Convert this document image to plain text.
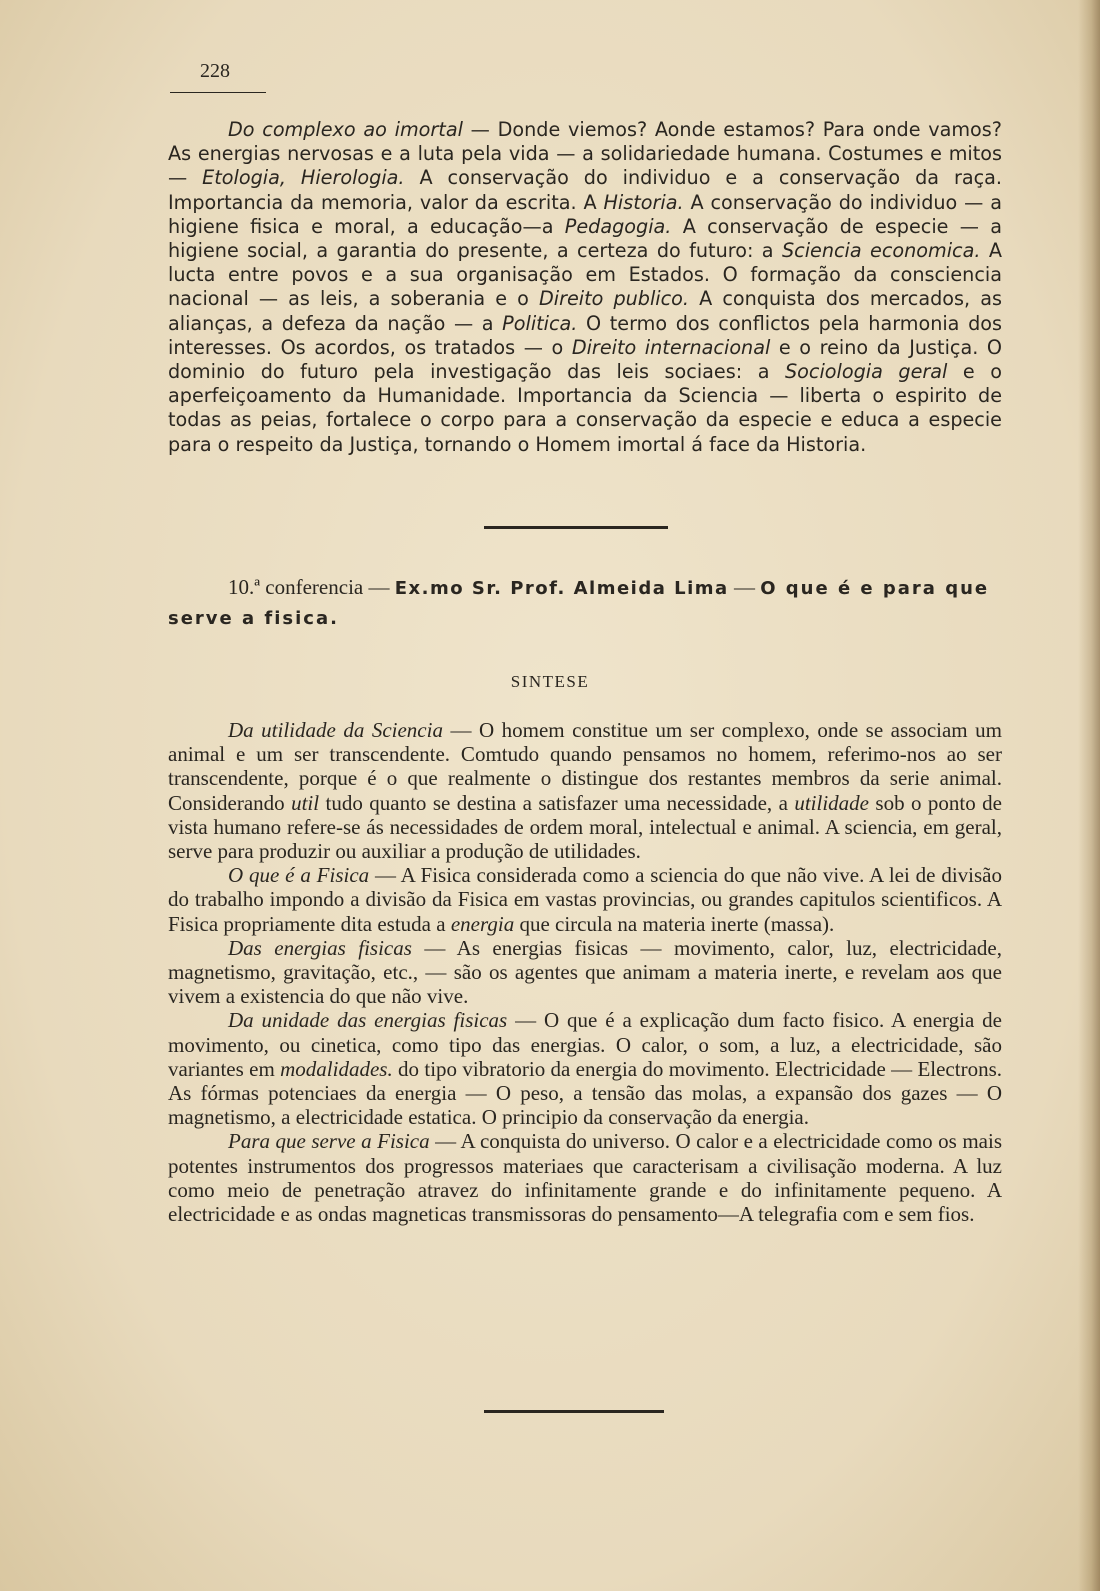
228

Do complexo ao imortal — Donde viemos? Aonde estamos? Para onde vamos? As energias nervosas e a luta pela vida — a solidariedade humana. Costumes e mitos — Etologia, Hierologia. A conservação do individuo e a conservação da raça. Importancia da memoria, valor da escrita. A Historia. A conservação do individuo — a higiene fisica e moral, a educação—a Pedagogia. A conservação de especie — a higiene social, a garantia do presente, a certeza do futuro: a Sciencia economica. A lucta entre povos e a sua organisação em Estados. O formação da consciencia nacional — as leis, a soberania e o Direito publico. A conquista dos mercados, as alianças, a defeza da nação — a Politica. O termo dos conflictos pela harmonia dos interesses. Os acordos, os tratados — o Direito internacional e o reino da Justiça. O dominio do futuro pela investigação das leis sociaes: a Sociologia geral e o aperfeiçoamento da Humanidade. Importancia da Sciencia — liberta o espirito de todas as peias, fortalece o corpo para a conservação da especie e educa a especie para o respeito da Justiça, tornando o Homem imortal á face da Historia.

10.ª conferencia — Ex.mo Sr. Prof. Almeida Lima — O que é e para que serve a fisica.
SINTESE

Da utilidade da Sciencia — O homem constitue um ser complexo, onde se associam um animal e um ser transcendente. Comtudo quando pensamos no homem, referimo-nos ao ser transcendente, porque é o que realmente o distingue dos restantes membros da serie animal. Considerando util tudo quanto se destina a satisfazer uma necessidade, a utilidade sob o ponto de vista humano refere-se ás necessidades de ordem moral, intelectual e animal. A sciencia, em geral, serve para produzir ou auxiliar a produção de utilidades.

O que é a Fisica — A Fisica considerada como a sciencia do que não vive. A lei de divisão do trabalho impondo a divisão da Fisica em vastas provincias, ou grandes capitulos scientificos. A Fisica propriamente dita estuda a energia que circula na materia inerte (massa).

Das energias fisicas — As energias fisicas — movimento, calor, luz, electricidade, magnetismo, gravitação, etc., — são os agentes que animam a materia inerte, e revelam aos que vivem a existencia do que não vive.

Da unidade das energias fisicas — O que é a explicação dum facto fisico. A energia de movimento, ou cinetica, como tipo das energias. O calor, o som, a luz, a electricidade, são variantes em modalidades. do tipo vibratorio da energia do movimento. Electricidade — Electrons. As fórmas potenciaes da energia — O peso, a tensão das molas, a expansão dos gazes — O magnetismo, a electricidade estatica. O principio da conservação da energia.

Para que serve a Fisica — A conquista do universo. O calor e a electricidade como os mais potentes instrumentos dos progressos materiaes que caracterisam a civilisação moderna. A luz como meio de penetração atravez do infinitamente grande e do infinitamente pequeno. A electricidade e as ondas magneticas transmissoras do pensamento—A telegrafia com e sem fios.
